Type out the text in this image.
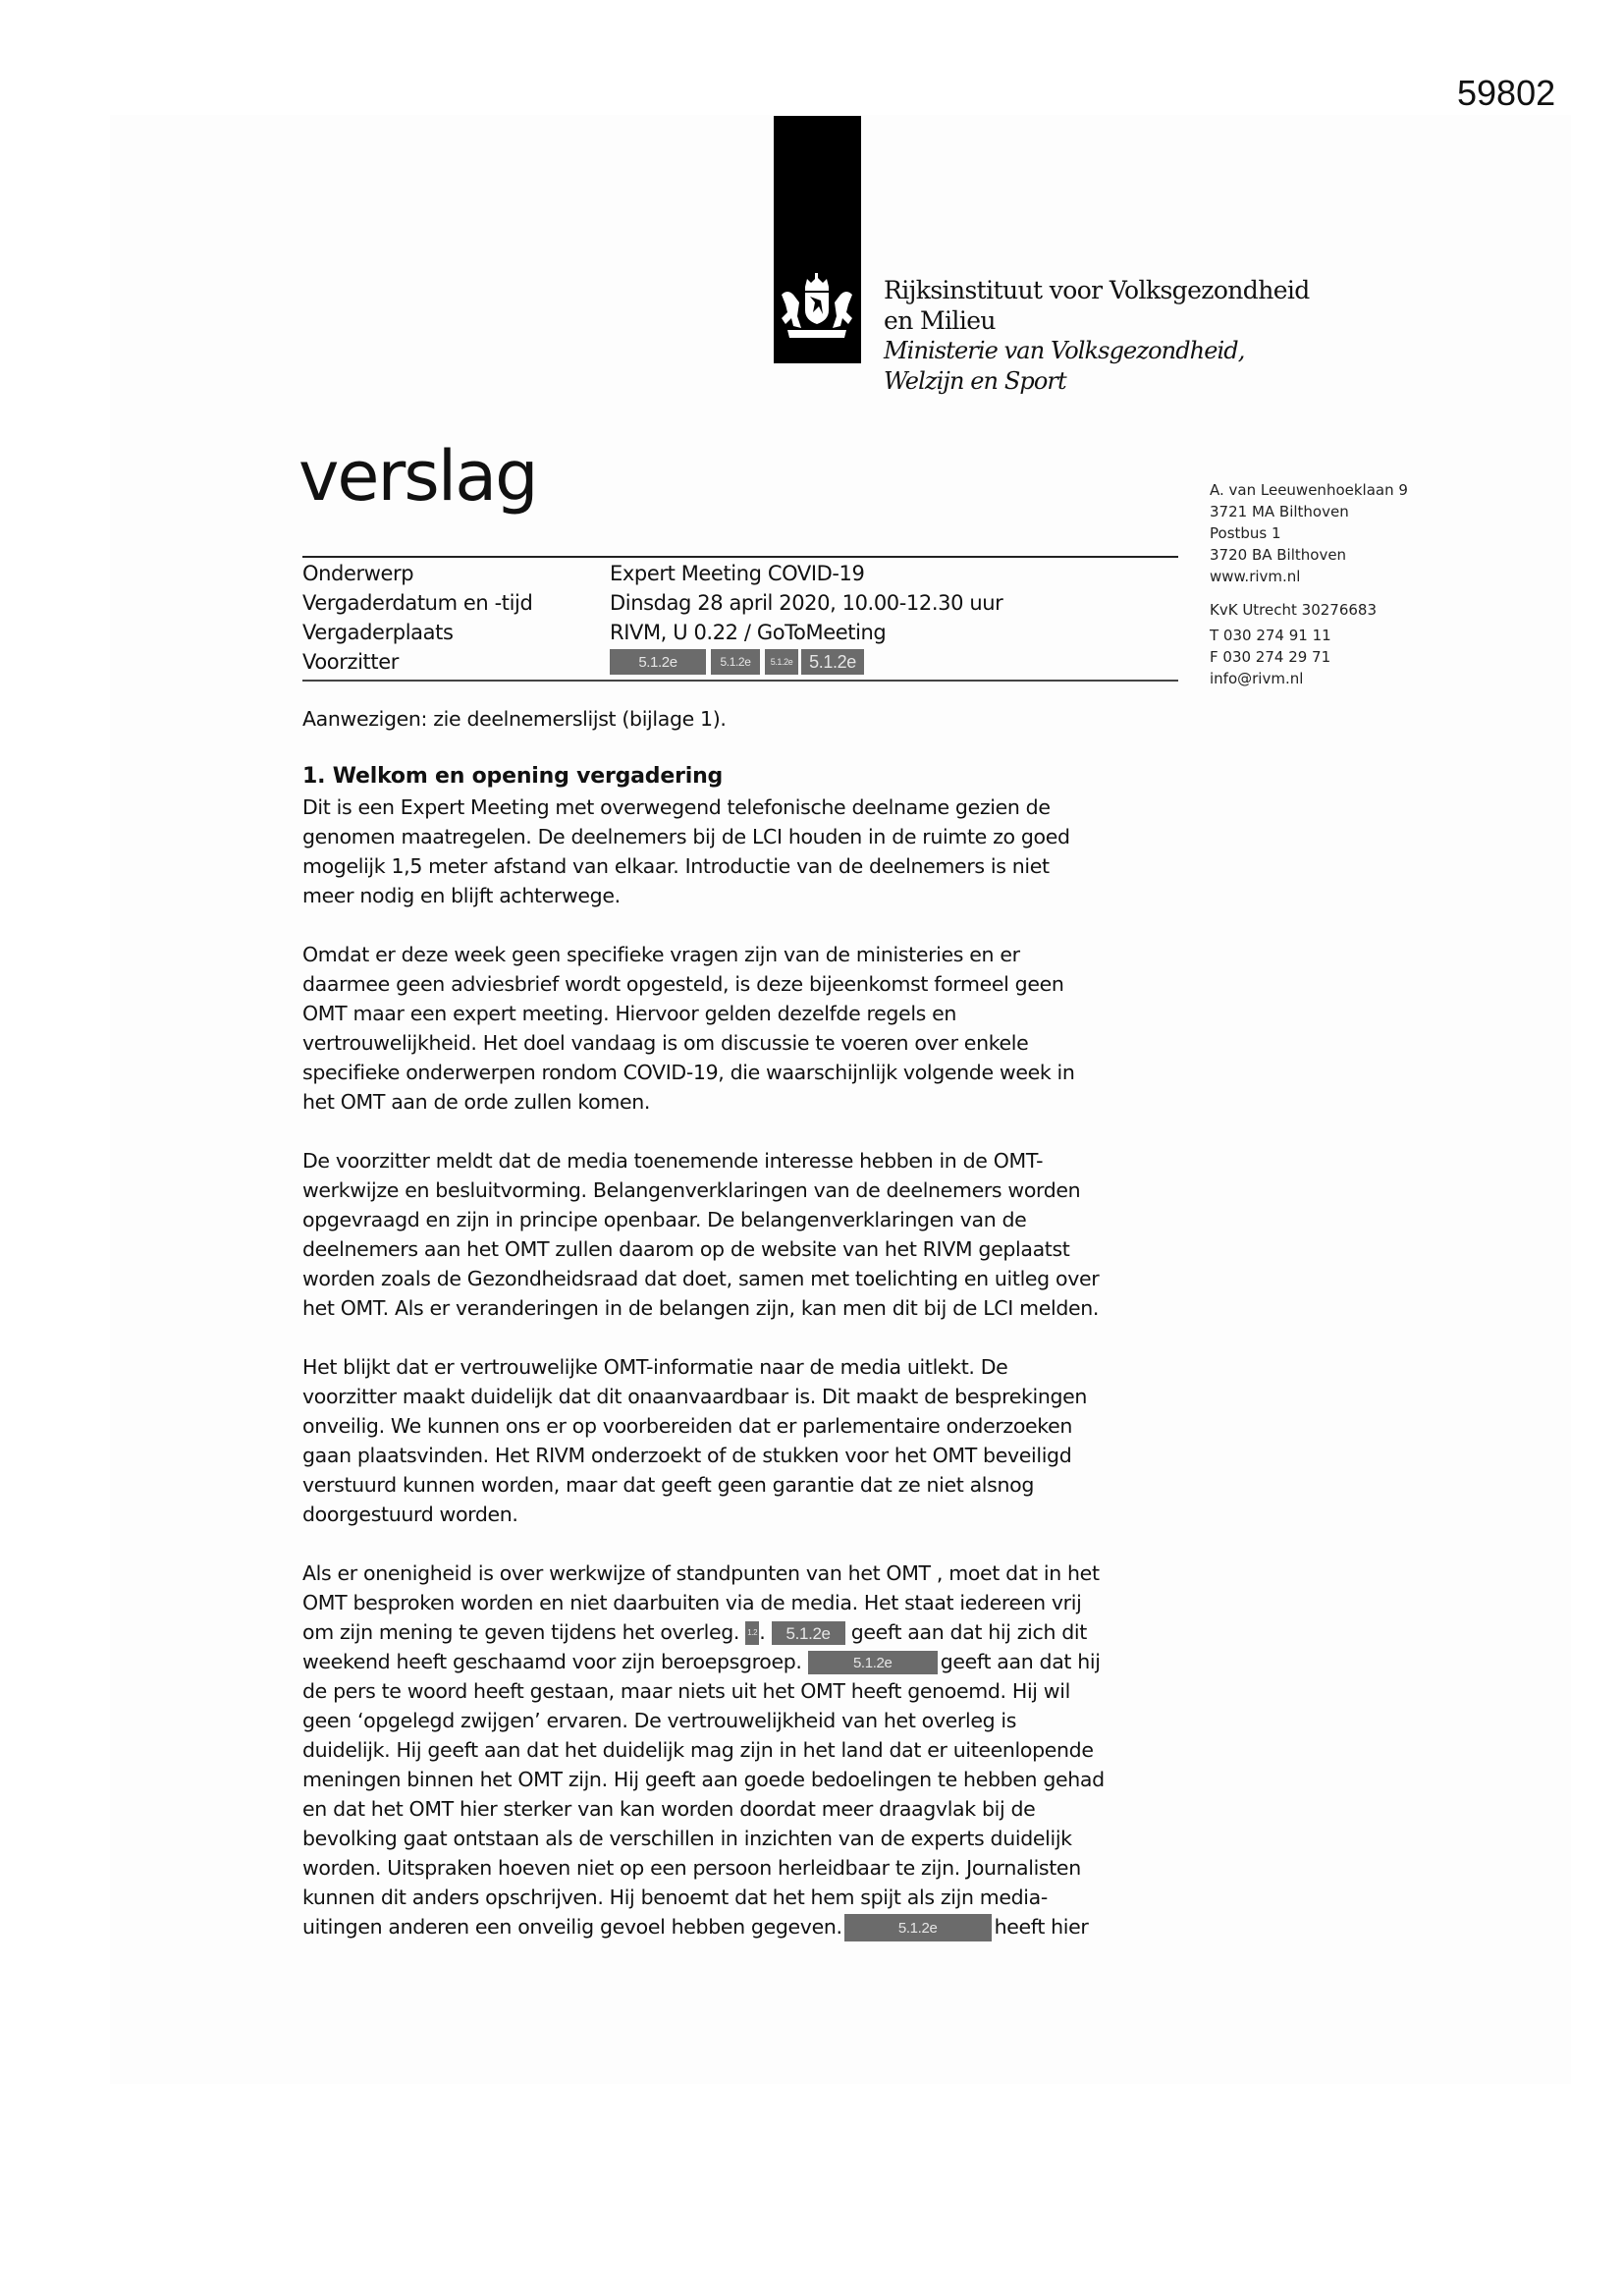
59802
Rijksinstituut voor Volksgezondheid
en Milieu
Ministerie van Volksgezondheid,
Welzijn en Sport
verslag
Onderwerp	Expert Meeting COVID-19
Vergaderdatum en -tijd	Dinsdag 28 april 2020, 10.00-12.30 uur
Vergaderplaats	RIVM, U 0.22 / GoToMeeting
Voorzitter	5.1.2e	5.1.2e	5.1.2e 5.1.2e
A. van Leeuwenhoeklaan 9
3721 MA Bilthoven
Postbus 1
3720 BA Bilthoven
www.rivm.nl
KvK Utrecht 30276683
T 030 274 91 11
F 030 274 29 71
info@rivm.nl
Aanwezigen: zie deelnemerslijst (bijlage 1).
1. Welkom en opening vergadering
Dit is een Expert Meeting met overwegend telefonische deelname gezien de
genomen maatregelen. De deelnemers bij de LCI houden in de ruimte zo goed
mogelijk 1,5 meter afstand van elkaar. Introductie van de deelnemers is niet
meer nodig en blijft achterwege.
Omdat er deze week geen specifieke vragen zijn van de ministeries en er
daarmee geen adviesbrief wordt opgesteld, is deze bijeenkomst formeel geen
OMT maar een expert meeting. Hiervoor gelden dezelfde regels en
vertrouwelijkheid. Het doel vandaag is om discussie te voeren over enkele
specifieke onderwerpen rondom COVID-19, die waarschijnlijk volgende week in
het OMT aan de orde zullen komen.
De voorzitter meldt dat de media toenemende interesse hebben in de OMT-
werkwijze en besluitvorming. Belangenverklaringen van de deelnemers worden
opgevraagd en zijn in principe openbaar. De belangenverklaringen van de
deelnemers aan het OMT zullen daarom op de website van het RIVM geplaatst
worden zoals de Gezondheidsraad dat doet, samen met toelichting en uitleg over
het OMT. Als er veranderingen in de belangen zijn, kan men dit bij de LCI melden.
Het blijkt dat er vertrouwelijke OMT-informatie naar de media uitlekt. De
voorzitter maakt duidelijk dat dit onaanvaardbaar is. Dit maakt de besprekingen
onveilig. We kunnen ons er op voorbereiden dat er parlementaire onderzoeken
gaan plaatsvinden. Het RIVM onderzoekt of de stukken voor het OMT beveiligd
verstuurd kunnen worden, maar dat geeft geen garantie dat ze niet alsnog
doorgestuurd worden.
Als er onenigheid is over werkwijze of standpunten van het OMT , moet dat in het
OMT besproken worden en niet daarbuiten via de media. Het staat iedereen vrij
om zijn mening te geven tijdens het overleg. 1.2. 5.1.2e geeft aan dat hij zich dit
weekend heeft geschaamd voor zijn beroepsgroep.	5.1.2e geeft aan dat hij
de pers te woord heeft gestaan, maar niets uit het OMT heeft genoemd. Hij wil
geen ‘opgelegd zwijgen’ ervaren. De vertrouwelijkheid van het overleg is
duidelijk. Hij geeft aan dat het duidelijk mag zijn in het land dat er uiteenlopende
meningen binnen het OMT zijn. Hij geeft aan goede bedoelingen te hebben gehad
en dat het OMT hier sterker van kan worden doordat meer draagvlak bij de
bevolking gaat ontstaan als de verschillen in inzichten van de experts duidelijk
worden. Uitspraken hoeven niet op een persoon herleidbaar te zijn. Journalisten
kunnen dit anders opschrijven. Hij benoemt dat het hem spijt als zijn media-
uitingen anderen een onveilig gevoel hebben gegeven.	5.1.2e	heeft hier
